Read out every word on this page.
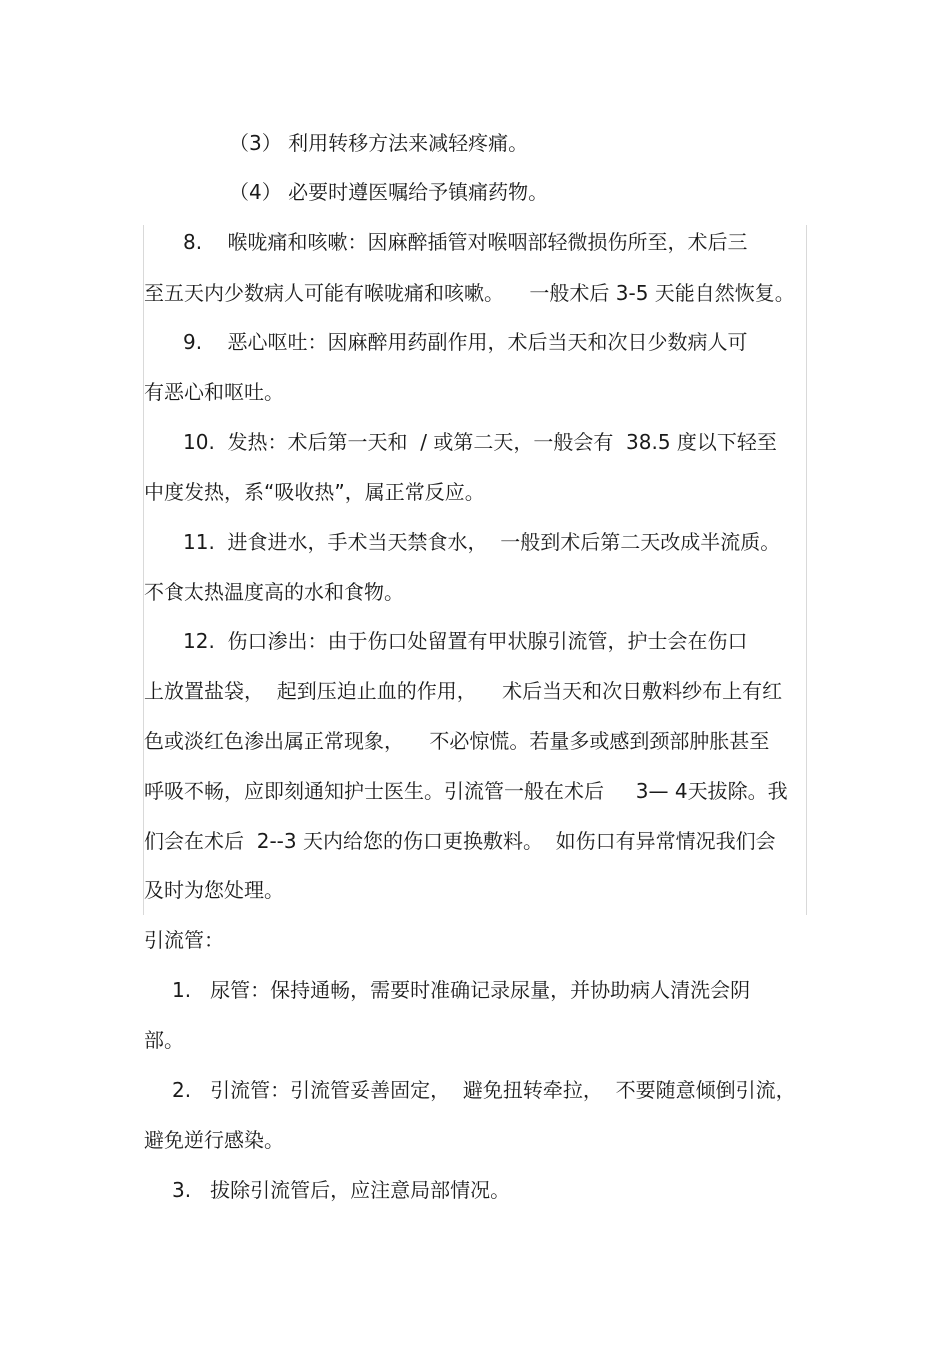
（3） 利用转移方法来减轻疼痛。
（4） 必要时遵医嘱给予镇痛药物。
8.    喉咙痛和咳嗽：因麻醉插管对喉咽部轻微损伤所至，术后三
至五天内少数病人可能有喉咙痛和咳嗽。    一般术后 3-5 天能自然恢复。
9.    恶心呕吐：因麻醉用药副作用，术后当天和次日少数病人可
有恶心和呕吐。
10.  发热：术后第一天和  / 或第二天，一般会有  38.5 度以下轻至
中度发热，系“吸收热”，属正常反应。
11.  进食进水，手术当天禁食水，  一般到术后第二天改成半流质。
不食太热温度高的水和食物。
12.  伤口渗出：由于伤口处留置有甲状腺引流管，护士会在伤口
上放置盐袋，  起到压迫止血的作用，    术后当天和次日敷料纱布上有红
色或淡红色渗出属正常现象，    不必惊慌。若量多或感到颈部肿胀甚至
呼吸不畅，应即刻通知护士医生。引流管一般在术后     3— 4天拔除。我
们会在术后  2--3 天内给您的伤口更换敷料。  如伤口有异常情况我们会
及时为您处理。
引流管：
1.   尿管：保持通畅，需要时准确记录尿量，并协助病人清洗会阴
部。
2.   引流管：引流管妥善固定，  避免扭转牵拉，  不要随意倾倒引流，
避免逆行感染。
3.   拔除引流管后，应注意局部情况。
